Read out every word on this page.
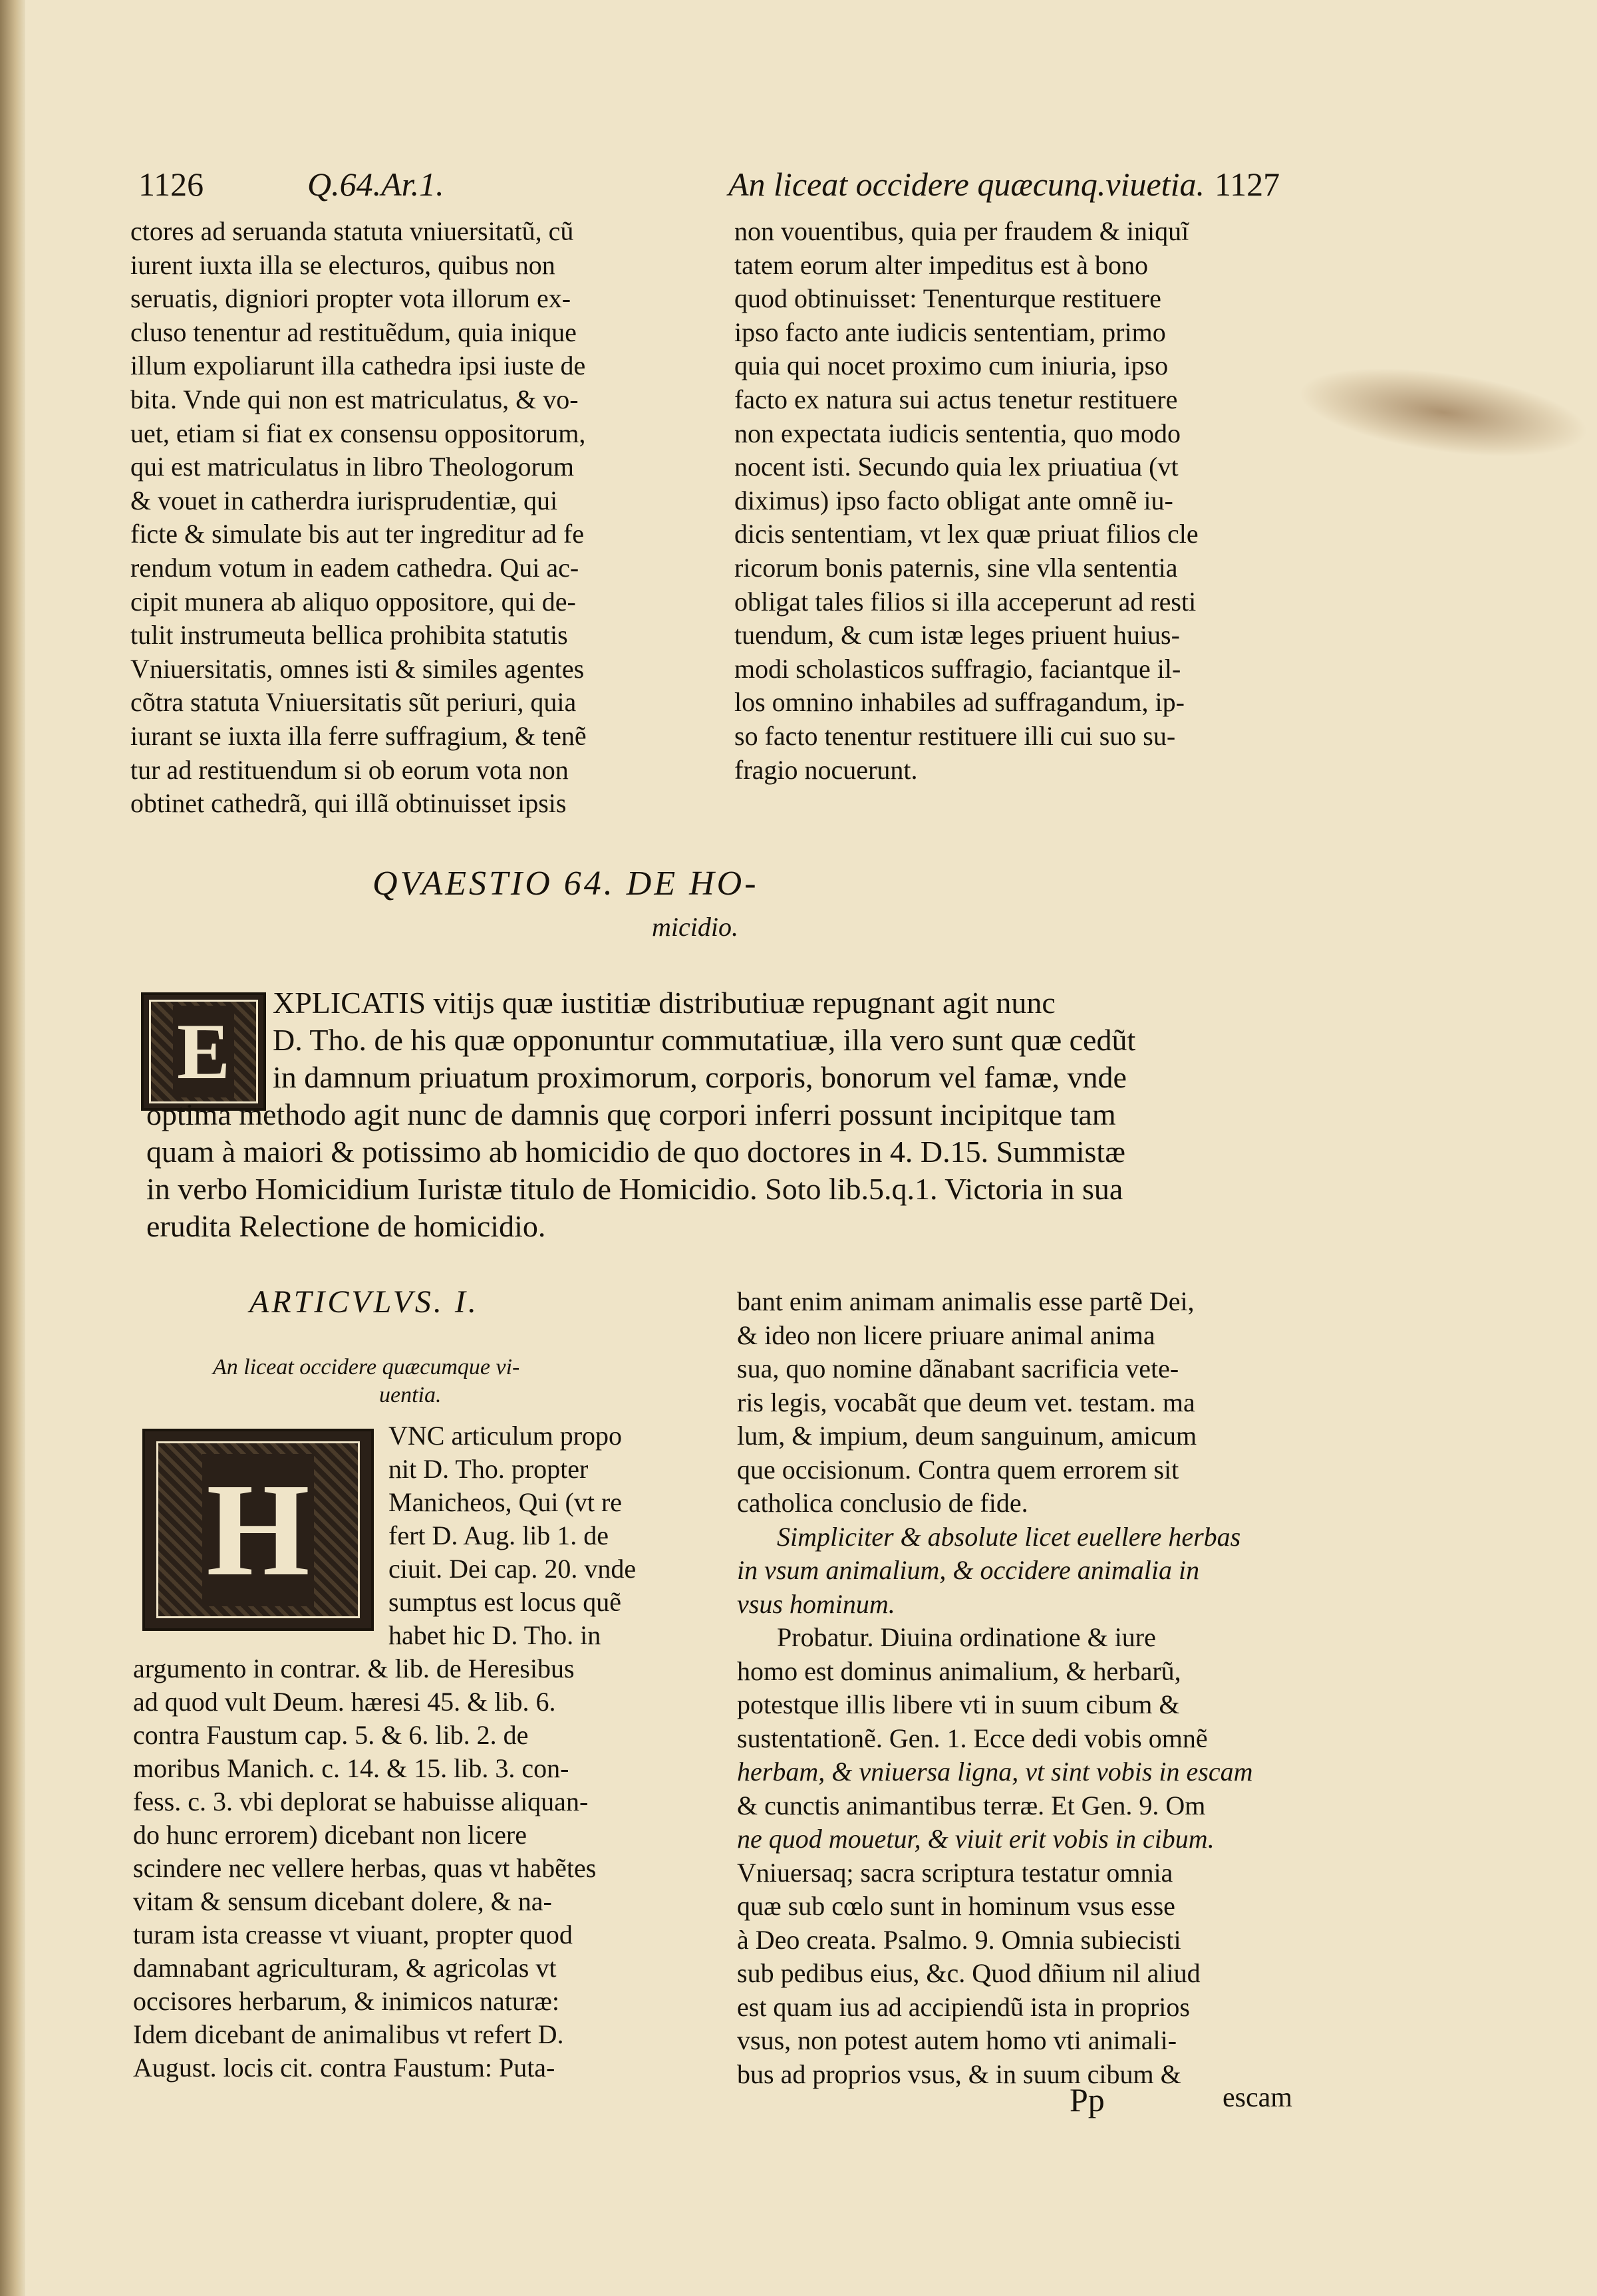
1126	Q.64.Ar.1.	An liceat occidere quæcunq.viuetia. 1127

ctores ad seruanda statuta vniuersitatũ, cũ

iurent iuxta illa se electuros, quibus non

seruatis, digniori propter vota illorum ex-

cluso tenentur ad restituẽdum, quia inique

illum expoliarunt illa cathedra ipsi iuste de

bita. Vnde qui non est matriculatus, & vo-

uet, etiam si fiat ex consensu oppositorum,

qui est matriculatus in libro Theologorum

& vouet in catherdra iurisprudentiæ, qui

ficte & simulate bis aut ter ingreditur ad fe

rendum votum in eadem cathedra. Qui ac-

cipit munera ab aliquo oppositore, qui de-

tulit instrumeuta bellica prohibita statutis

Vniuersitatis, omnes isti & similes agentes

cõtra statuta Vniuersitatis sũt periuri, quia

iurant se iuxta illa ferre suffragium, & tenẽ

tur ad restituendum si ob eorum vota non

obtinet cathedrã, qui illã obtinuisset ipsis

non vouentibus, quia per fraudem & iniquĩ

tatem eorum alter impeditus est à bono

quod obtinuisset: Tenenturque restituere

ipso facto ante iudicis sententiam, primo

quia qui nocet proximo cum iniuria, ipso

facto ex natura sui actus tenetur restituere

non expectata iudicis sententia, quo modo

nocent isti. Secundo quia lex priuatiua (vt

diximus) ipso facto obligat ante omnẽ iu-

dicis sententiam, vt lex quæ priuat filios cle

ricorum bonis paternis, sine vlla sententia

obligat tales filios si illa acceperunt ad resti

tuendum, & cum istæ leges priuent huius-

modi scholasticos suffragio, faciantque il-

los omnino inhabiles ad suffragandum, ip-

so facto tenentur restituere illi cui suo su-

fragio nocuerunt.

QVAESTIO 64. DE HO-
micidio.
E
XPLICATIS vitijs quæ iustitiæ distributiuæ repugnant agit nunc
D. Tho. de his quæ opponuntur commutatiuæ, illa vero sunt quæ cedũt
in damnum priuatum proximorum, corporis, bonorum vel famæ, vnde
optima methodo agit nunc de damnis quę corpori inferri possunt incipitque tam
quam à maiori & potissimo ab homicidio de quo doctores in 4. D.15. Summistæ
in verbo Homicidium Iuristæ titulo de Homicidio. Soto lib.5.q.1. Victoria in sua
erudita Relectione de homicidio.
ARTICVLVS. I.
An liceat occidere quæcumque vi-
uentia.
H

VNC articulum propo

nit D. Tho. propter

Manicheos, Qui (vt re

fert D. Aug. lib 1. de

ciuit. Dei cap. 20. vnde

sumptus est locus quẽ

habet hic D. Tho. in

argumento in contrar. & lib. de Heresibus

ad quod vult Deum. hæresi 45. & lib. 6.

contra Faustum cap. 5. & 6. lib. 2. de

moribus Manich. c. 14. & 15. lib. 3. con-

fess. c. 3. vbi deplorat se habuisse aliquan-

do hunc errorem) dicebant non licere

scindere nec vellere herbas, quas vt habẽtes

vitam & sensum dicebant dolere, & na-

turam ista creasse vt viuant, propter quod

damnabant agriculturam, & agricolas vt

occisores herbarum, & inimicos naturæ:

Idem dicebant de animalibus vt refert D.

August. locis cit. contra Faustum: Puta-

bant enim animam animalis esse partẽ Dei,

& ideo non licere priuare animal anima

sua, quo nomine dãnabant sacrificia vete-

ris legis, vocabãt que deum vet. testam. ma

lum, & impium, deum sanguinum, amicum

que occisionum. Contra quem errorem sit

catholica conclusio de fide.

Simpliciter & absolute licet euellere herbas

in vsum animalium, & occidere animalia in

vsus hominum.

Probatur. Diuina ordinatione & iure

homo est dominus animalium, & herbarũ,

potestque illis libere vti in suum cibum &

sustentationẽ. Gen. 1. Ecce dedi vobis omnẽ

herbam, & vniuersa ligna, vt sint vobis in escam

& cunctis animantibus terræ. Et Gen. 9. Om

ne quod mouetur, & viuit erit vobis in cibum.

Vniuersaq; sacra scriptura testatur omnia

quæ sub cœlo sunt in hominum vsus esse

à Deo creata. Psalmo. 9. Omnia subiecisti

sub pedibus eius, &c. Quod dñium nil aliud

est quam ius ad accipiendũ ista in proprios

vsus, non potest autem homo vti animali-

bus ad proprios vsus, & in suum cibum &

Pp	escam
